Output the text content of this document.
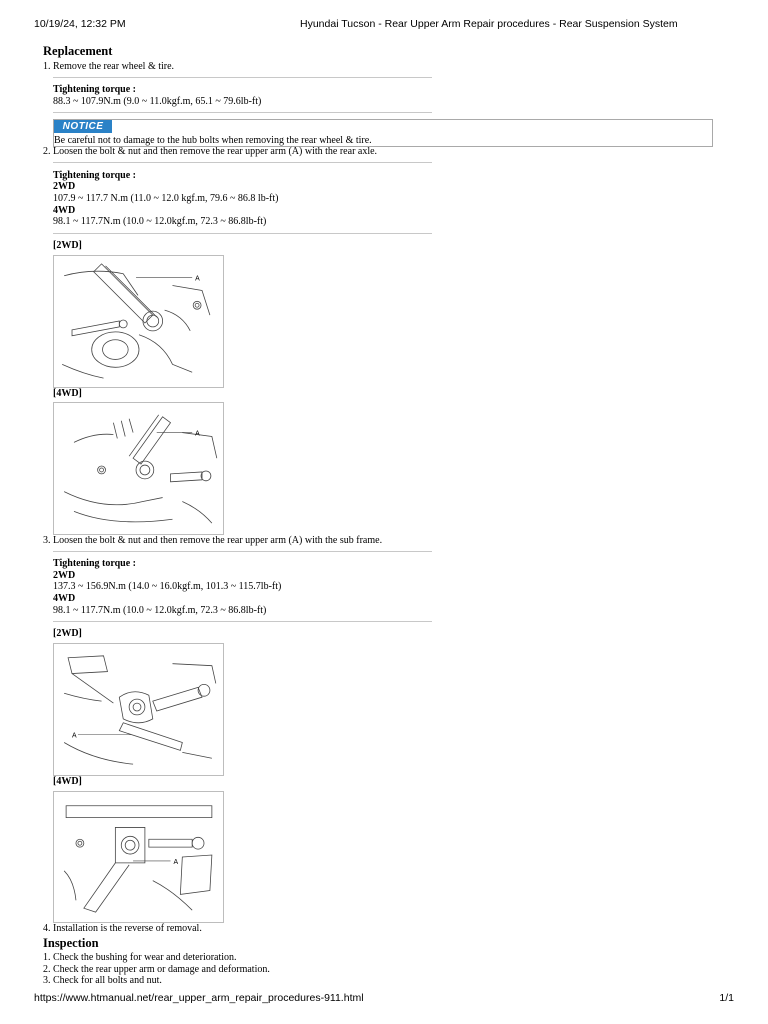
10/19/24, 12:32 PM	Hyundai Tucson - Rear Upper Arm Repair procedures - Rear Suspension System
Replacement
1. Remove the rear wheel & tire.
Tightening torque :
88.3 ~ 107.9N.m (9.0 ~ 11.0kgf.m, 65.1 ~ 79.6lb-ft)
NOTICE
Be careful not to damage to the hub bolts when removing the rear wheel & tire.
2. Loosen the bolt & nut and then remove the rear upper arm (A) with the rear axle.
Tightening torque :
2WD
107.9 ~ 117.7 N.m (11.0 ~ 12.0 kgf.m, 79.6 ~ 86.8 lb-ft)
4WD
98.1 ~ 117.7N.m (10.0 ~ 12.0kgf.m, 72.3 ~ 86.8lb-ft)
[2WD]
A
[4WD]
A
3. Loosen the bolt & nut and then remove the rear upper arm (A) with the sub frame.
Tightening torque :
2WD
137.3 ~ 156.9N.m (14.0 ~ 16.0kgf.m, 101.3 ~ 115.7lb-ft)
4WD
98.1 ~ 117.7N.m (10.0 ~ 12.0kgf.m, 72.3 ~ 86.8lb-ft)
[2WD]
A
[4WD]
A
4. Installation is the reverse of removal.
Inspection
1. Check the bushing for wear and deterioration.
2. Check the rear upper arm or damage and deformation.
3. Check for all bolts and nut.
https://www.htmanual.net/rear_upper_arm_repair_procedures-911.html	1/1
